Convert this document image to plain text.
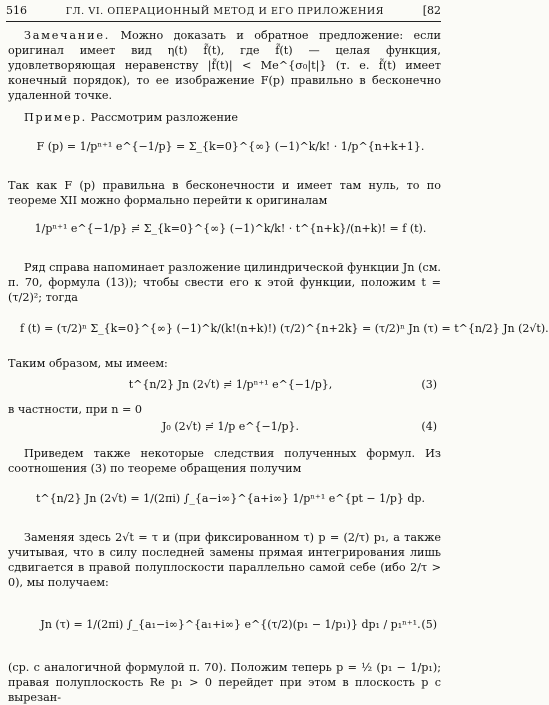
516	ГЛ. VI. ОПЕРАЦИОННЫЙ МЕТОД И ЕГО ПРИЛОЖЕНИЯ	[82
Замечание. Можно доказать и обратное предложение: если оригинал имеет вид η(t) f̃(t), где f̃(t) — целая функция, удовлетворяющая неравенству |f̃(t)| < Me^{σ₀|t|} (т. е. f̃(t) имеет конечный порядок), то ее изображение F(p) правильно в бесконечно удаленной точке.
Пример. Рассмотрим разложение
F (p) = 1/pⁿ⁺¹ e^{−1/p} = Σ_{k=0}^{∞} (−1)^k/k! · 1/p^{n+k+1}.
Так как F (p) правильна в бесконечности и имеет там нуль, то по теореме XII можно формально перейти к оригиналам
1/pⁿ⁺¹ e^{−1/p} ≓ Σ_{k=0}^{∞} (−1)^k/k! · t^{n+k}/(n+k)! = f (t).
Ряд справа напоминает разложение цилиндрической функции Jn (см. п. 70, формула (13)); чтобы свести его к этой функции, положим t = (τ/2)²; тогда
f (t) = (τ/2)ⁿ Σ_{k=0}^{∞} (−1)^k/(k!(n+k)!) (τ/2)^{n+2k} = (τ/2)ⁿ Jn (τ) = t^{n/2} Jn (2√t).
Таким образом, мы имеем:
t^{n/2} Jn (2√t) ≓ 1/pⁿ⁺¹ e^{−1/p},	(3)
в частности, при n = 0
J₀ (2√t) ≓ 1/p e^{−1/p}.	(4)
Приведем также некоторые следствия полученных формул. Из соотношения (3) по теореме обращения получим
t^{n/2} Jn (2√t) = 1/(2πi) ∫_{a−i∞}^{a+i∞} 1/pⁿ⁺¹ e^{pt − 1/p} dp.
Заменяя здесь 2√t = τ и (при фиксированном τ) p = (2/τ) p₁, а также учитывая, что в силу последней замены прямая интегрирования лишь сдвигается в правой полуплоскости параллельно самой себе (ибо 2/τ > 0), мы получаем:
Jn (τ) = 1/(2πi) ∫_{a₁−i∞}^{a₁+i∞} e^{(τ/2)(p₁ − 1/p₁)} dp₁ / p₁ⁿ⁺¹. (5)
(ср. с аналогичной формулой п. 70). Положим теперь p = ½ (p₁ − 1/p₁); правая полуплоскость Re p₁ > 0 перейдет при этом в плоскость p с вырезан-
